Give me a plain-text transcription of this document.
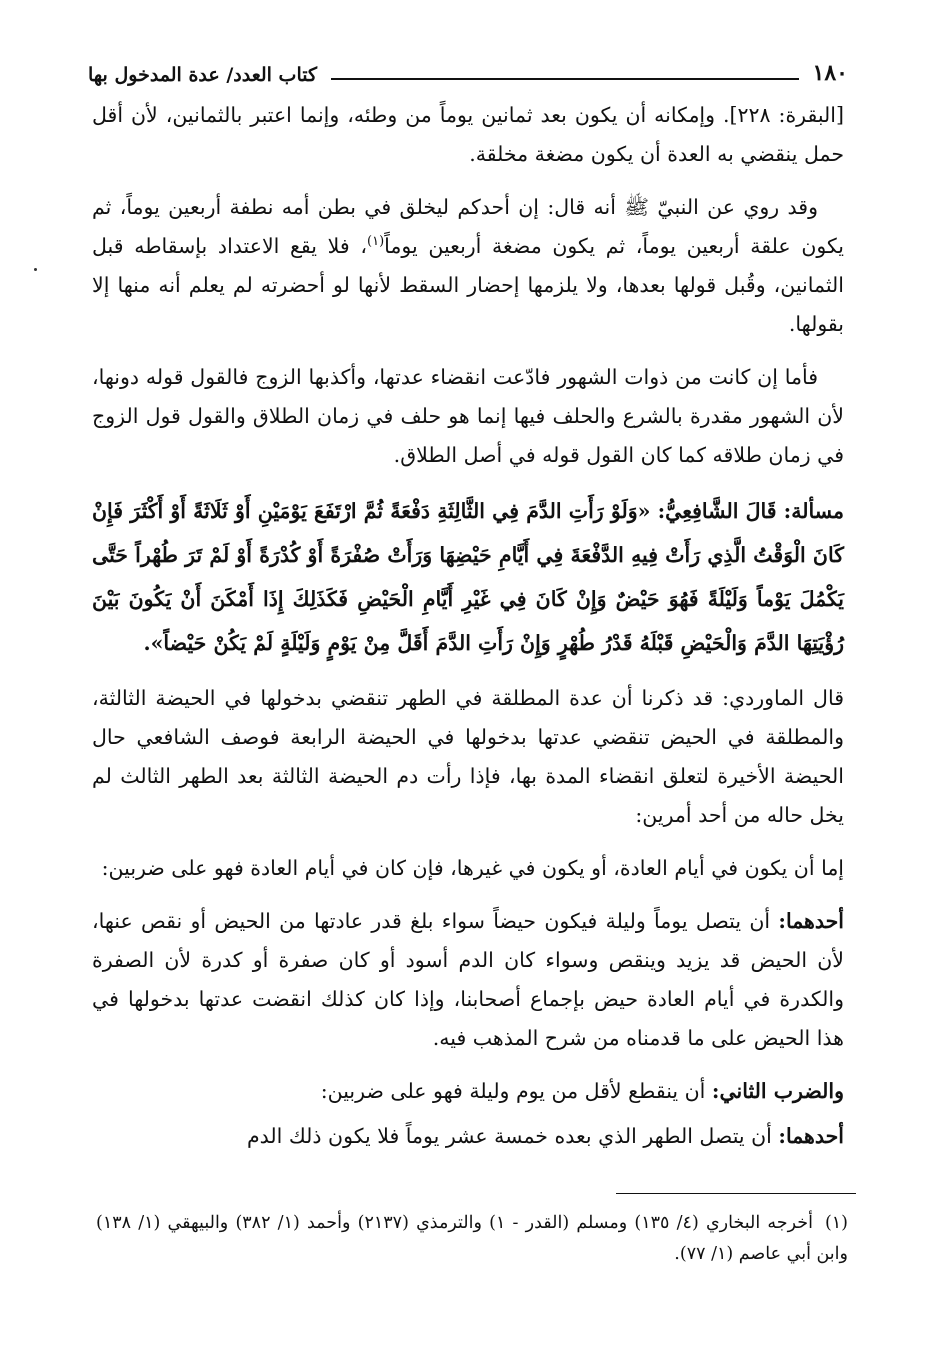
١٨٠
كتاب العدد/ عدة المدخول بها

[البقرة: ٢٢٨]. وإمكانه أن يكون بعد ثمانين يوماً من وطئه، وإنما اعتبر بالثمانين، لأن أقل حمل ينقضي به العدة أن يكون مضغة مخلقة.

وقد روي عن النبيّ ﷺ أنه قال: إن أحدكم ليخلق في بطن أمه نطفة أربعين يوماً، ثم يكون علقة أربعين يوماً، ثم يكون مضغة أربعين يوماً$^{(١)}$، فلا يقع الاعتداد بإسقاطه قبل الثمانين، وقُبل قولها بعدها، ولا يلزمها إحضار السقط لأنها لو أحضرته لم يعلم أنه منها إلا بقولها.

فأما إن كانت من ذوات الشهور فادّعت انقضاء عدتها، وأكذبها الزوج فالقول قوله دونها، لأن الشهور مقدرة بالشرع والحلف فيها إنما هو حلف في زمان الطلاق والقول قول الزوج في زمان طلاقه كما كان القول قوله في أصل الطلاق.

مسألة: قَالَ الشَّافِعِيُّ: «وَلَوْ رَأَتِ الدَّمَ فِي الثَّالِثَةِ دَفْعَةً ثُمَّ ارْتَفَعَ يَوْمَيْنِ أَوْ ثَلَاثَةً أَوْ أَكْثَرَ فَإِنْ كَانَ الْوَقْتُ الَّذِي رَأَتْ فِيهِ الدَّفْعَةَ فِي أَيَّامِ حَيْضِهَا وَرَأَتْ صُفْرَةً أَوْ كُدْرَةً أَوْ لَمْ تَرَ طُهْراً حَتَّى يَكْمُلَ يَوْماً وَلَيْلَةً فَهُوَ حَيْضٌ وَإِنْ كَانَ فِي غَيْرِ أَيَّامِ الْحَيْضِ فَكَذَلِكَ إِذَا أَمْكَنَ أَنْ يَكُونَ بَيْنَ رُؤْيَتِهَا الدَّمَ وَالْحَيْضِ قَبْلَهُ قَدْرُ طُهْرٍ وَإِنْ رَأَتِ الدَّمَ أَقَلَّ مِنْ يَوْمٍ وَلَيْلَةٍ لَمْ يَكُنْ حَيْضاً».

قال الماوردي: قد ذكرنا أن عدة المطلقة في الطهر تنقضي بدخولها في الحيضة الثالثة، والمطلقة في الحيض تنقضي عدتها بدخولها في الحيضة الرابعة فوصف الشافعي حال الحيضة الأخيرة لتعلق انقضاء المدة بها، فإذا رأت دم الحيضة الثالثة بعد الطهر الثالث لم يخل حاله من أحد أمرين:

إما أن يكون في أيام العادة، أو يكون في غيرها، فإن كان في أيام العادة فهو على ضربين:

أحدهما: أن يتصل يوماً وليلة فيكون حيضاً سواء بلغ قدر عادتها من الحيض أو نقص عنها، لأن الحيض قد يزيد وينقص وسواء كان الدم أسود أو كان صفرة أو كدرة لأن الصفرة والكدرة في أيام العادة حيض بإجماع أصحابنا، وإذا كان كذلك انقضت عدتها بدخولها في هذا الحيض على ما قدمناه من شرح المذهب فيه.

والضرب الثاني: أن ينقطع لأقل من يوم وليلة فهو على ضربين:

أحدهما: أن يتصل الطهر الذي بعده خمسة عشر يوماً فلا يكون ذلك الدم

(١)أخرجه البخاري (٤/ ١٣٥) ومسلم (القدر - ١) والترمذي (٢١٣٧) وأحمد (١/ ٣٨٢) والبيهقي (١/ ١٣٨) وابن أبي عاصم (١/ ٧٧).
